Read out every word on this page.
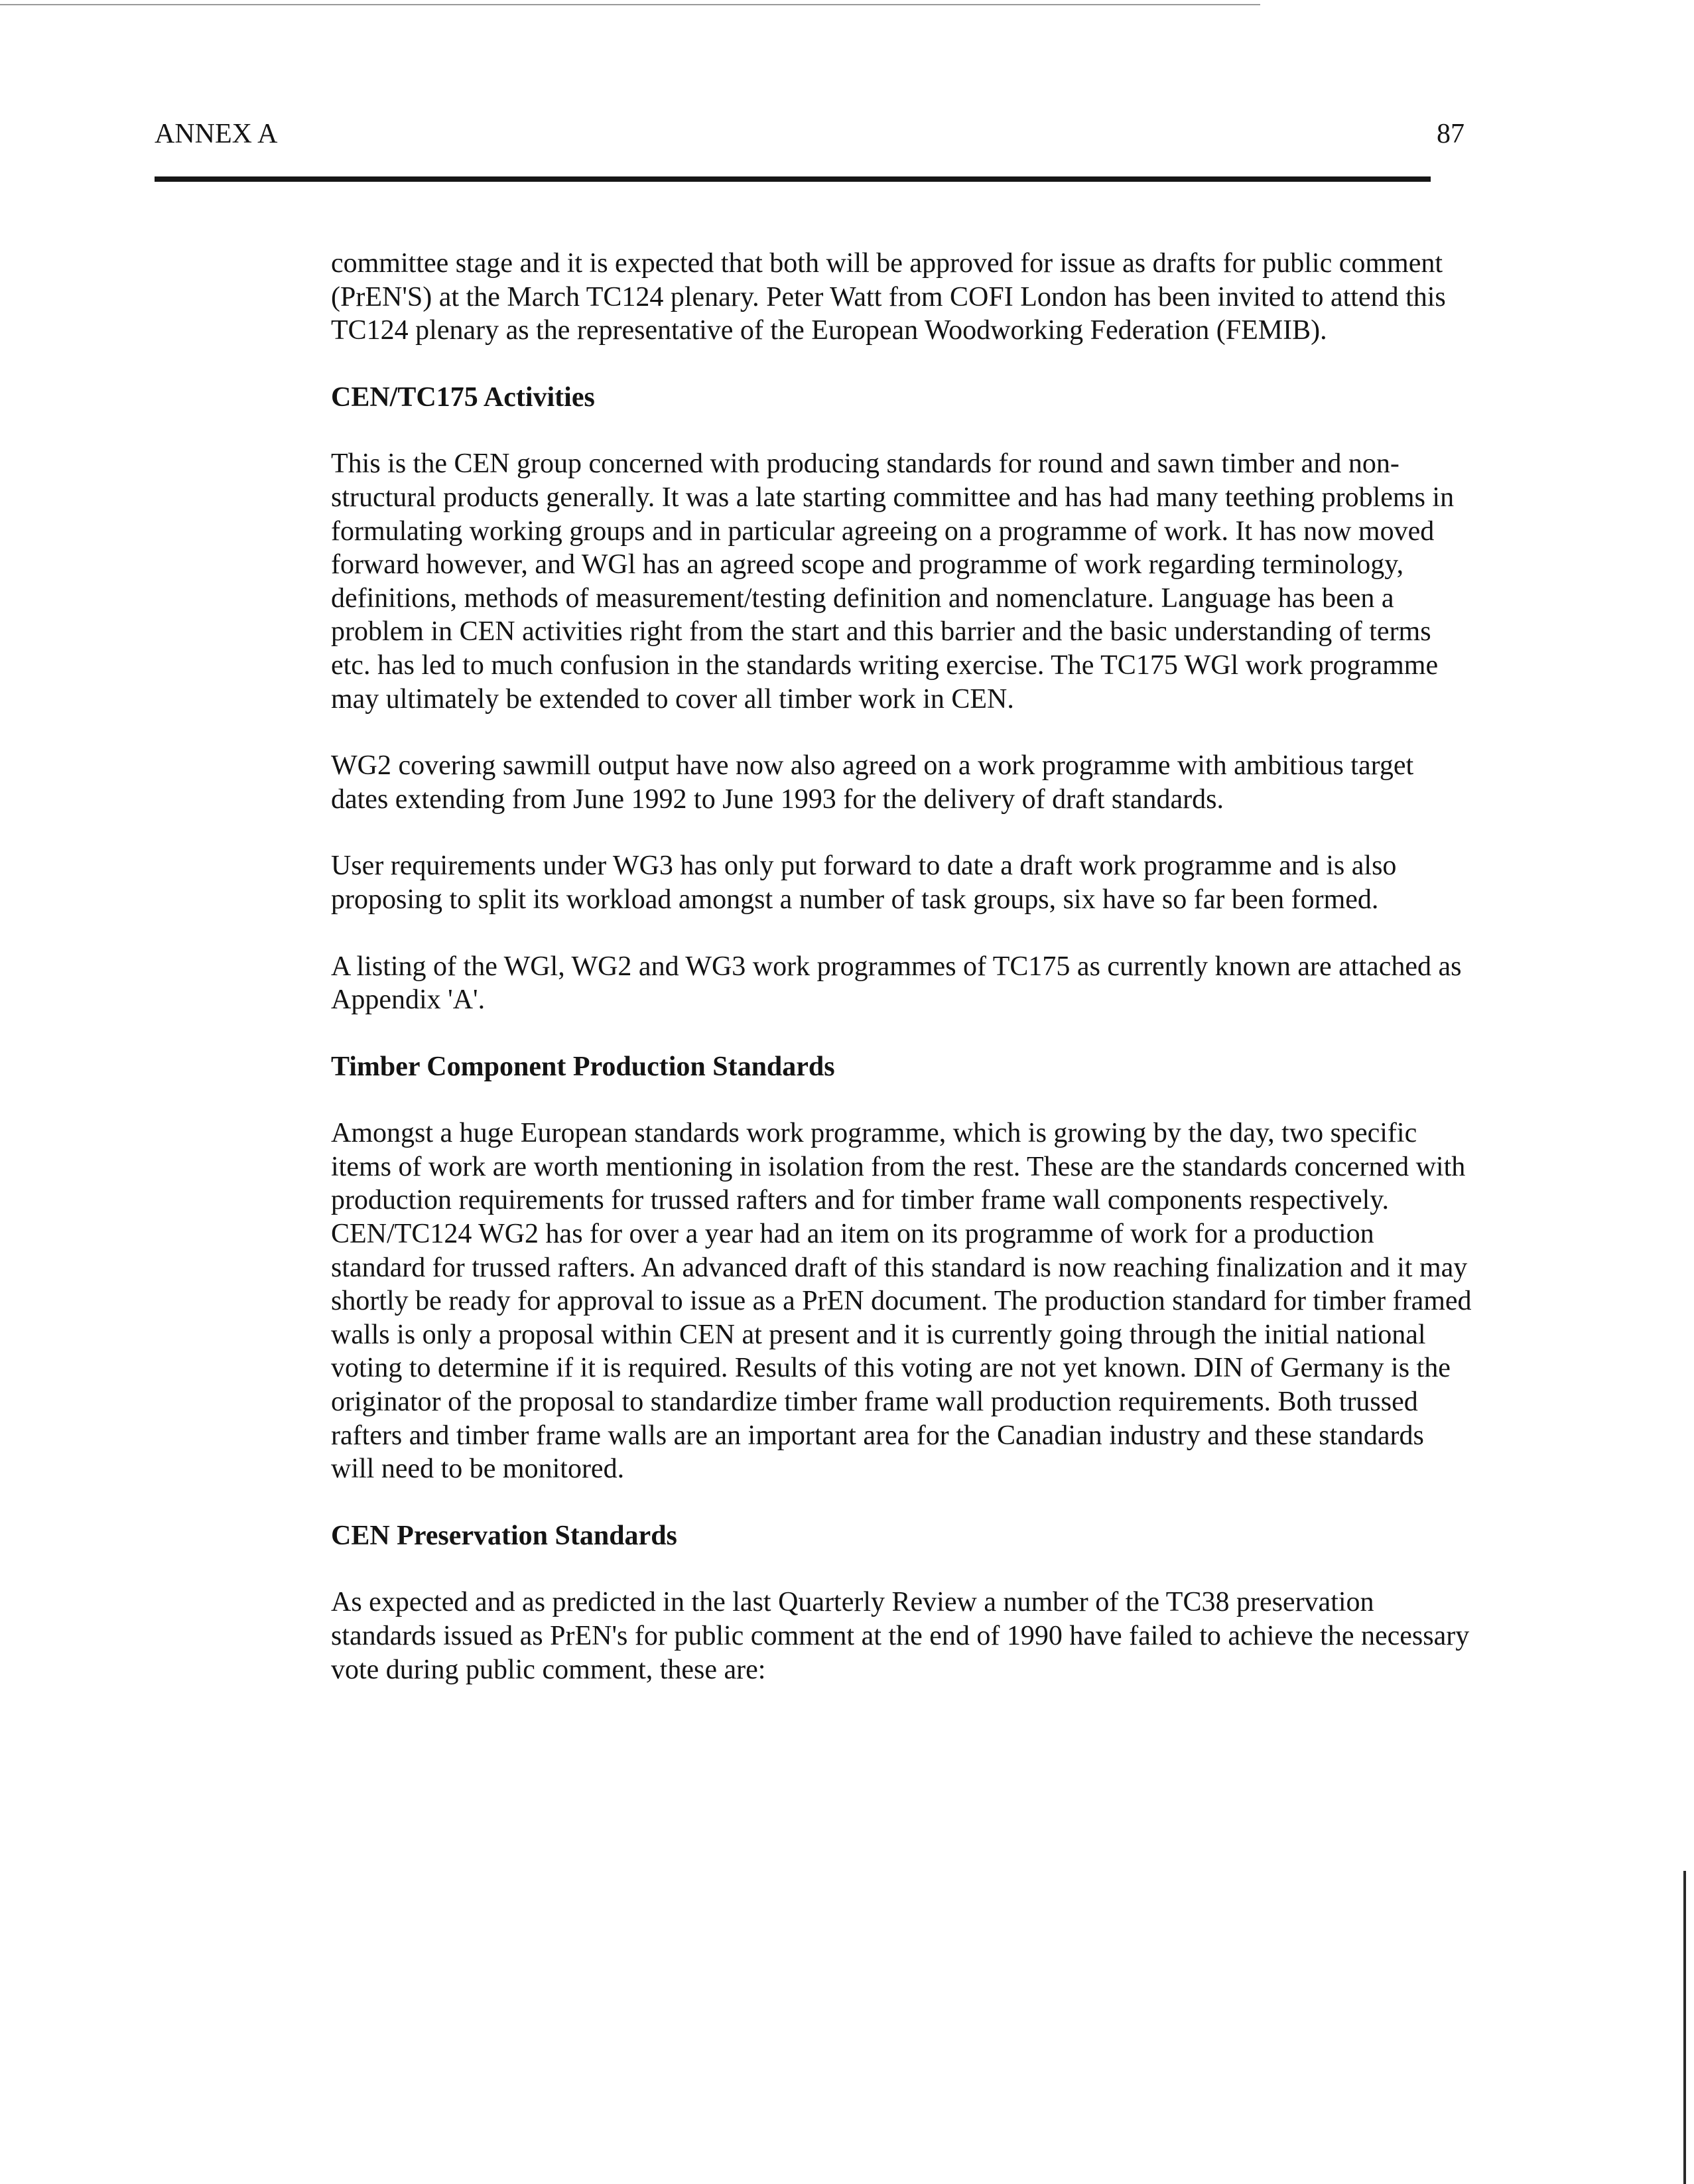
ANNEX A	87

committee stage and it is expected that both will be approved for issue as drafts for public comment (PrEN'S) at the March TC124 plenary. Peter Watt from COFI London has been invited to attend this TC124 plenary as the representative of the European Woodworking Federation (FEMIB).

CEN/TC175 Activities

This is the CEN group concerned with producing standards for round and sawn timber and non-structural products generally. It was a late starting committee and has had many teething problems in formulating working groups and in particular agreeing on a programme of work. It has now moved forward however, and WGl has an agreed scope and programme of work regarding terminology, definitions, methods of measurement/testing definition and nomenclature. Language has been a problem in CEN activities right from the start and this barrier and the basic understanding of terms etc. has led to much confusion in the standards writing exercise. The TC175 WGl work programme may ultimately be extended to cover all timber work in CEN.

WG2 covering sawmill output have now also agreed on a work programme with ambitious target dates extending from June 1992 to June 1993 for the delivery of draft standards.

User requirements under WG3 has only put forward to date a draft work programme and is also proposing to split its workload amongst a number of task groups, six have so far been formed.

A listing of the WGl, WG2 and WG3 work programmes of TC175 as currently known are attached as Appendix 'A'.

Timber Component Production Standards

Amongst a huge European standards work programme, which is growing by the day, two specific items of work are worth mentioning in isolation from the rest. These are the standards concerned with production requirements for trussed rafters and for timber frame wall components respectively. CEN/TC124 WG2 has for over a year had an item on its programme of work for a production standard for trussed rafters. An advanced draft of this standard is now reaching finalization and it may shortly be ready for approval to issue as a PrEN document. The production standard for timber framed walls is only a proposal within CEN at present and it is currently going through the initial national voting to determine if it is required. Results of this voting are not yet known. DIN of Germany is the originator of the proposal to standardize timber frame wall production requirements. Both trussed rafters and timber frame walls are an important area for the Canadian industry and these standards will need to be monitored.

CEN Preservation Standards

As expected and as predicted in the last Quarterly Review a number of the TC38 preservation standards issued as PrEN's for public comment at the end of 1990 have failed to achieve the necessary vote during public comment, these are:
